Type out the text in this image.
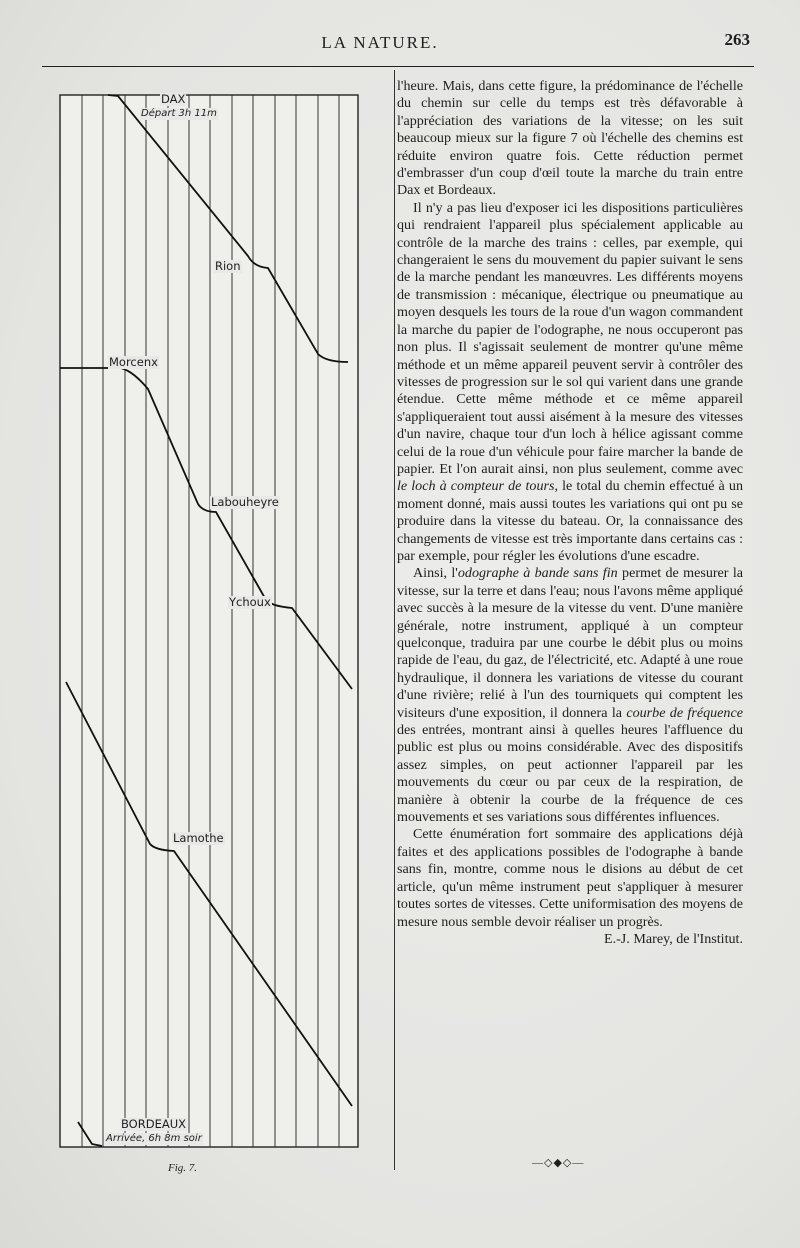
LA NATURE.	263
DAX
Départ 3h 11m
Rion
Morcenx
Labouheyre
Ychoux
Lamothe
BORDEAUX
Arrivée, 6h 8m soir
Fig. 7.

l'heure. Mais, dans cette figure, la prédominance de l'échelle du chemin sur celle du temps est très défavorable à l'appréciation des variations de la vitesse; on les suit beaucoup mieux sur la figure 7 où l'échelle des chemins est réduite environ quatre fois. Cette réduction permet d'embrasser d'un coup d'œil toute la marche du train entre Dax et Bordeaux.

Il n'y a pas lieu d'exposer ici les dispositions particulières qui rendraient l'appareil plus spécialement applicable au contrôle de la marche des trains : celles, par exemple, qui changeraient le sens du mouvement du papier suivant le sens de la marche pendant les manœuvres. Les différents moyens de transmission : mécanique, électrique ou pneumatique au moyen desquels les tours de la roue d'un wagon commandent la marche du papier de l'odographe, ne nous occuperont pas non plus. Il s'agissait seulement de montrer qu'une même méthode et un même appareil peuvent servir à contrôler des vitesses de progression sur le sol qui varient dans une grande étendue. Cette même méthode et ce même appareil s'appliqueraient tout aussi aisément à la mesure des vitesses d'un navire, chaque tour d'un loch à hélice agissant comme celui de la roue d'un véhicule pour faire marcher la bande de papier. Et l'on aurait ainsi, non plus seulement, comme avec le loch à compteur de tours, le total du chemin effectué à un moment donné, mais aussi toutes les variations qui ont pu se produire dans la vitesse du bateau. Or, la connaissance des changements de vitesse est très importante dans certains cas : par exemple, pour régler les évolutions d'une escadre.

Ainsi, l'odographe à bande sans fin permet de mesurer la vitesse, sur la terre et dans l'eau; nous l'avons même appliqué avec succès à la mesure de la vitesse du vent. D'une manière générale, notre instrument, appliqué à un compteur quelconque, traduira par une courbe le débit plus ou moins rapide de l'eau, du gaz, de l'électricité, etc. Adapté à une roue hydraulique, il donnera les variations de vitesse du courant d'une rivière; relié à l'un des tourniquets qui comptent les visiteurs d'une exposition, il donnera la courbe de fréquence des entrées, montrant ainsi à quelles heures l'affluence du public est plus ou moins considérable. Avec des dispositifs assez simples, on peut actionner l'appareil par les mouvements du cœur ou par ceux de la respiration, de manière à obtenir la courbe de la fréquence de ces mouvements et ses variations sous différentes influences.

Cette énumération fort sommaire des applications déjà faites et des applications possibles de l'odographe à bande sans fin, montre, comme nous le disions au début de cet article, qu'un même instrument peut s'appliquer à mesurer toutes sortes de vitesses. Cette uniformisation des moyens de mesure nous semble devoir réaliser un progrès.

E.-J. Marey, de l'Institut.

—◇◆◇—
